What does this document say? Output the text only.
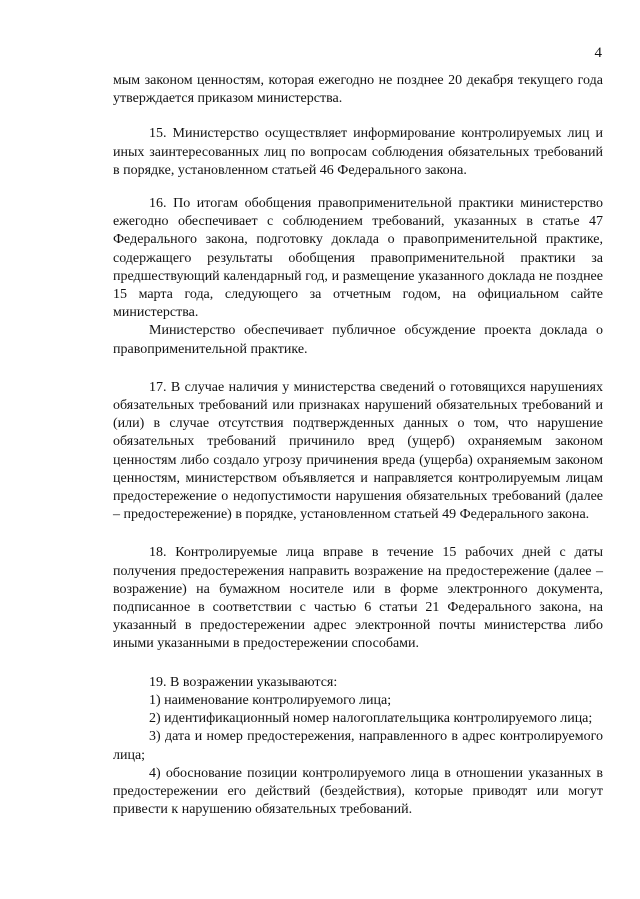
4

мым законом ценностям, которая ежегодно не позднее 20 декабря текущего года утверждается приказом министерства.

15. Министерство осуществляет информирование контролируемых лиц и иных заинтересованных лиц по вопросам соблюдения обязательных требований в порядке, установленном статьей 46 Федерального закона.

16. По итогам обобщения правоприменительной практики министерство ежегодно обеспечивает с соблюдением требований, указанных в статье 47 Федерального закона, подготовку доклада о правоприменительной практике, содержащего результаты обобщения правоприменительной практики за предшествующий календарный год, и размещение указанного доклада не позднее 15 марта года, следующего за отчетным годом, на официальном сайте министерства.

Министерство обеспечивает публичное обсуждение проекта доклада о правоприменительной практике.

17. В случае наличия у министерства сведений о готовящихся нарушениях обязательных требований или признаках нарушений обязательных требований и (или) в случае отсутствия подтвержденных данных о том, что нарушение обязательных требований причинило вред (ущерб) охраняемым законом ценностям либо создало угрозу причинения вреда (ущерба) охраняемым законом ценностям, министерством объявляется и направляется контролируемым лицам предостережение о недопустимости нарушения обязательных требований (далее – предостережение) в порядке, установленном статьей 49 Федерального закона.

18. Контролируемые лица вправе в течение 15 рабочих дней с даты получения предостережения направить возражение на предостережение (далее – возражение) на бумажном носителе или в форме электронного документа, подписанное в соответствии с частью 6 статьи 21 Федерального закона, на указанный в предостережении адрес электронной почты министерства либо иными указанными в предостережении способами.

19. В возражении указываются:

1) наименование контролируемого лица;

2) идентификационный номер налогоплательщика контролируемого лица;

3) дата и номер предостережения, направленного в адрес контролируемого лица;

4) обоснование позиции контролируемого лица в отношении указанных в предостережении его действий (бездействия), которые приводят или могут привести к нарушению обязательных требований.
